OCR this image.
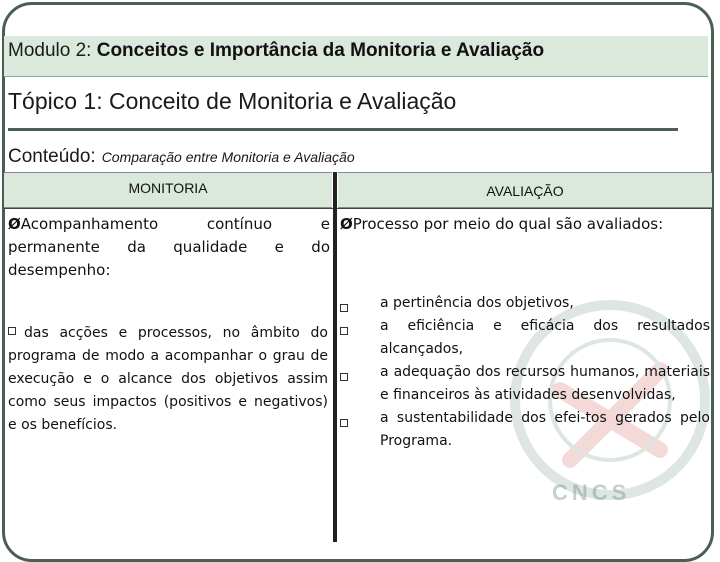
Modulo 2: Conceitos e Importância da Monitoria e Avaliação
Tópico 1: Conceito de Monitoria e Avaliação
Conteúdo: Comparação entre Monitoria e Avaliação
CNCS
MONITORIA	AVALIAÇÃO
ØAcompanhamento contínuo e permanente da qualidade e do desempenho:
ØProcesso por meio do qual são avaliados:
das acções e processos, no âmbito do programa de modo a acompanhar o grau de execução e o alcance dos objetivos assim como seus impactos (positivos e negativos) e os benefícios.
a pertinência dos objetivos,
a eficiência e eficácia dos resultados alcançados,
a adequação dos recursos humanos, materiais e financeiros às atividades desenvolvidas,
a sustentabilidade dos efei-tos gerados pelo Programa.
